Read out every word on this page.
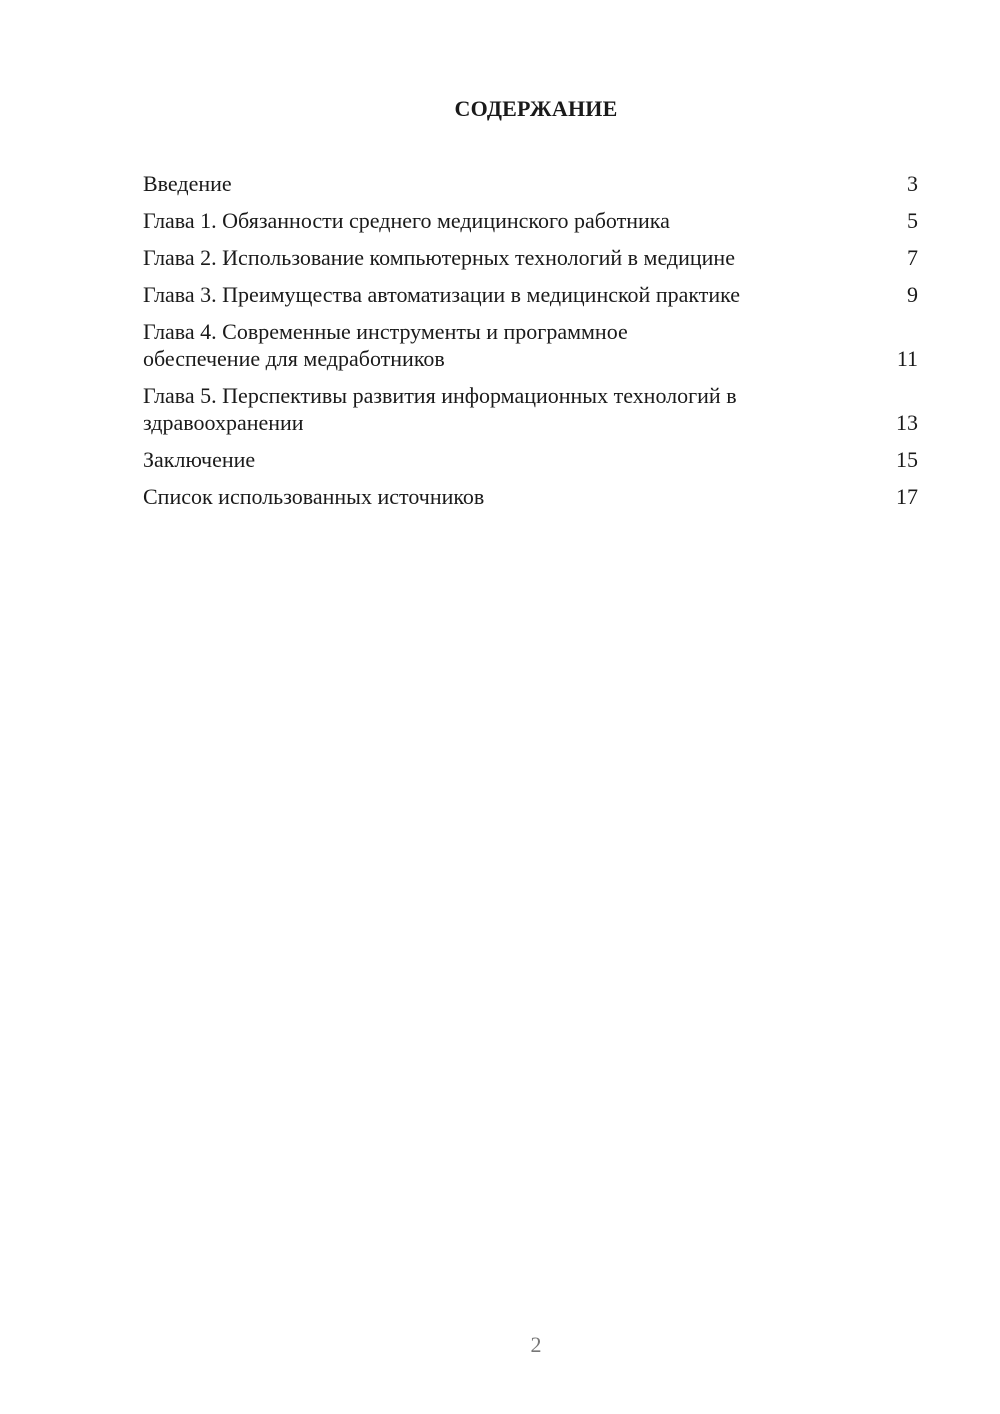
СОДЕРЖАНИЕ
Введение	3
Глава 1. Обязанности среднего медицинского работника	5
Глава 2. Использование компьютерных технологий в медицине	7
Глава 3. Преимущества автоматизации в медицинской практике	9
Глава 4. Современные инструменты и программное обеспечение для медработников	11
Глава 5. Перспективы развития информационных технологий в здравоохранении	13
Заключение	15
Список использованных источников	17
2
